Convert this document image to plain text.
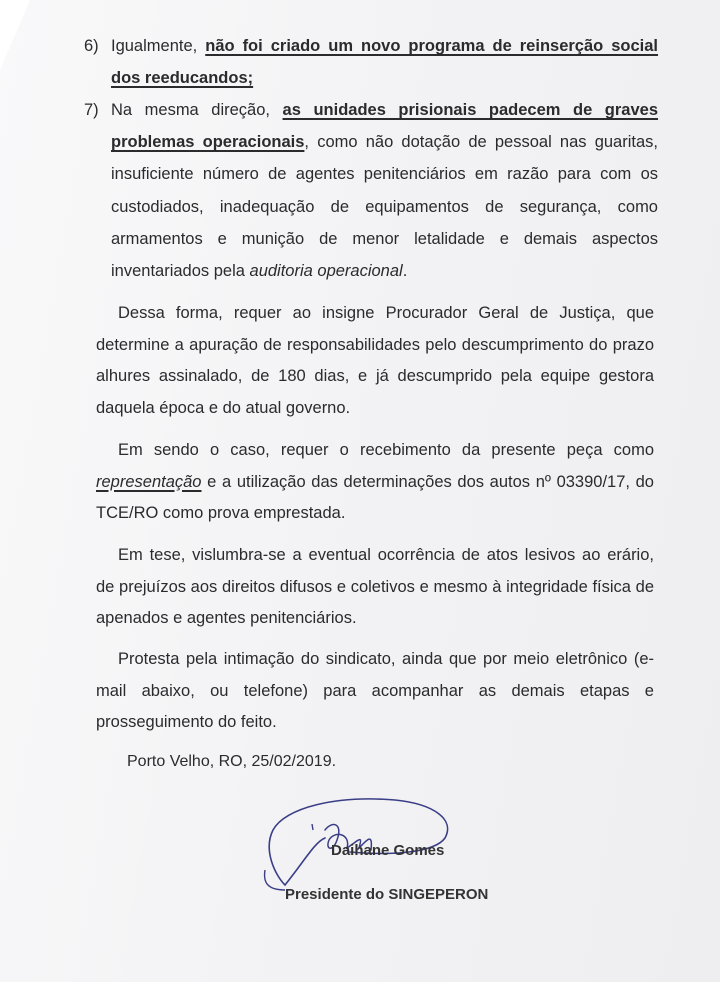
6) Igualmente, não foi criado um novo programa de reinserção social dos reeducandos;
7) Na mesma direção, as unidades prisionais padecem de graves problemas operacionais, como não dotação de pessoal nas guaritas, insuficiente número de agentes penitenciários em razão para com os custodiados, inadequação de equipamentos de segurança, como armamentos e munição de menor letalidade e demais aspectos inventariados pela auditoria operacional.
Dessa forma, requer ao insigne Procurador Geral de Justiça, que determine a apuração de responsabilidades pelo descumprimento do prazo alhures assinalado, de 180 dias, e já descumprido pela equipe gestora daquela época e do atual governo.
Em sendo o caso, requer o recebimento da presente peça como representação e a utilização das determinações dos autos nº 03390/17, do TCE/RO como prova emprestada.
Em tese, vislumbra-se a eventual ocorrência de atos lesivos ao erário, de prejuízos aos direitos difusos e coletivos e mesmo à integridade física de apenados e agentes penitenciários.
Protesta pela intimação do sindicato, ainda que por meio eletrônico (e-mail abaixo, ou telefone) para acompanhar as demais etapas e prosseguimento do feito.
Porto Velho, RO, 25/02/2019.
Daihane Gomes
Presidente do SINGEPERON
